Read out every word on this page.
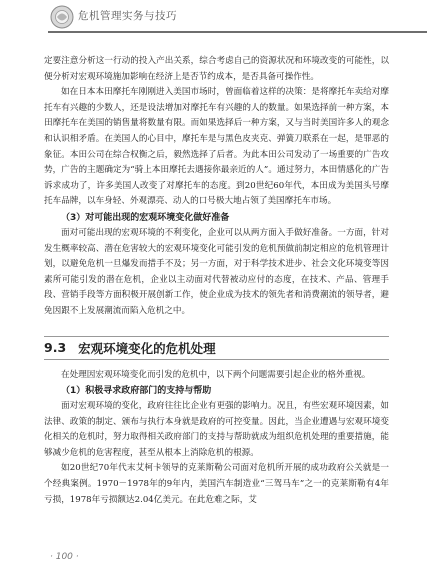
危机管理实务与技巧

定要注意分析这一行动的投入产出关系，综合考虑自己的资源状况和环境改变的可能性，以便分析对宏观环境施加影响在经济上是否节约成本，是否具备可操作性。

如在日本本田摩托车刚刚进入美国市场时，曾面临着这样的决策：是将摩托车卖给对摩托车有兴趣的少数人，还是设法增加对摩托车有兴趣的人的数量。如果选择前一种方案，本田摩托车在美国的销售量将数量有限。而如果选择后一种方案，又与当时美国许多人的观念和认识相矛盾。在美国人的心目中，摩托车是与黑色皮夹克、弹簧刀联系在一起，是罪恶的象征。本田公司在综合权衡之后，毅然选择了后者。为此本田公司发动了一场重要的广告攻势，广告的主题确定为“骑上本田摩托去遇接你最亲近的人”。通过努力，本田情感化的广告诉求成功了，许多美国人改变了对摩托车的态度。到20世纪60年代，本田成为美国头号摩托车品牌，以车身轻、外观漂亮、动人的口号极大地占领了美国摩托车市场。

（3）对可能出现的宏观环境变化做好准备

面对可能出现的宏观环境的不利变化，企业可以从两方面入手做好准备。一方面，针对发生概率较高、潜在危害较大的宏观环境变化可能引发的危机预做前制定相应的危机管理计划，以避免危机一旦爆发而措手不及；另一方面，对于科学技术进步、社会文化环境变等因素所可能引发的潜在危机，企业以主动面对代替被动应付的态度，在技术、产品、管理手段、营销手段等方面积极开展创新工作，使企业成为技术的领先者和消费潮流的领导者，避免因跟不上发展潮流而陷入危机之中。

9.3 宏观环境变化的危机处理

在处理因宏观环境变化而引发的危机中，以下两个问题需要引起企业的格外重视。

（1）积极寻求政府部门的支持与帮助

面对宏观环境的变化，政府往往比企业有更强的影响力。况且，有些宏观环境因素，如法律、政策的制定、颁布与执行本身就是政府的可控变量。因此，当企业遭遇与宏观环境变化相关的危机时，努力取得相关政府部门的支持与帮助就成为组织危机处理的重要措施，能够减少危机的危害程度，甚至从根本上消除危机的根源。

如20世纪70年代末艾柯卡领导的克莱斯勒公司面对危机所开展的成功政府公关就是一个经典案例。1970－1978年的9年内，美国汽车制造业“三驾马车”之一的克莱斯勒有4年亏损，1978年亏损额达2.04亿美元。在此危难之际，艾

· 100 ·
